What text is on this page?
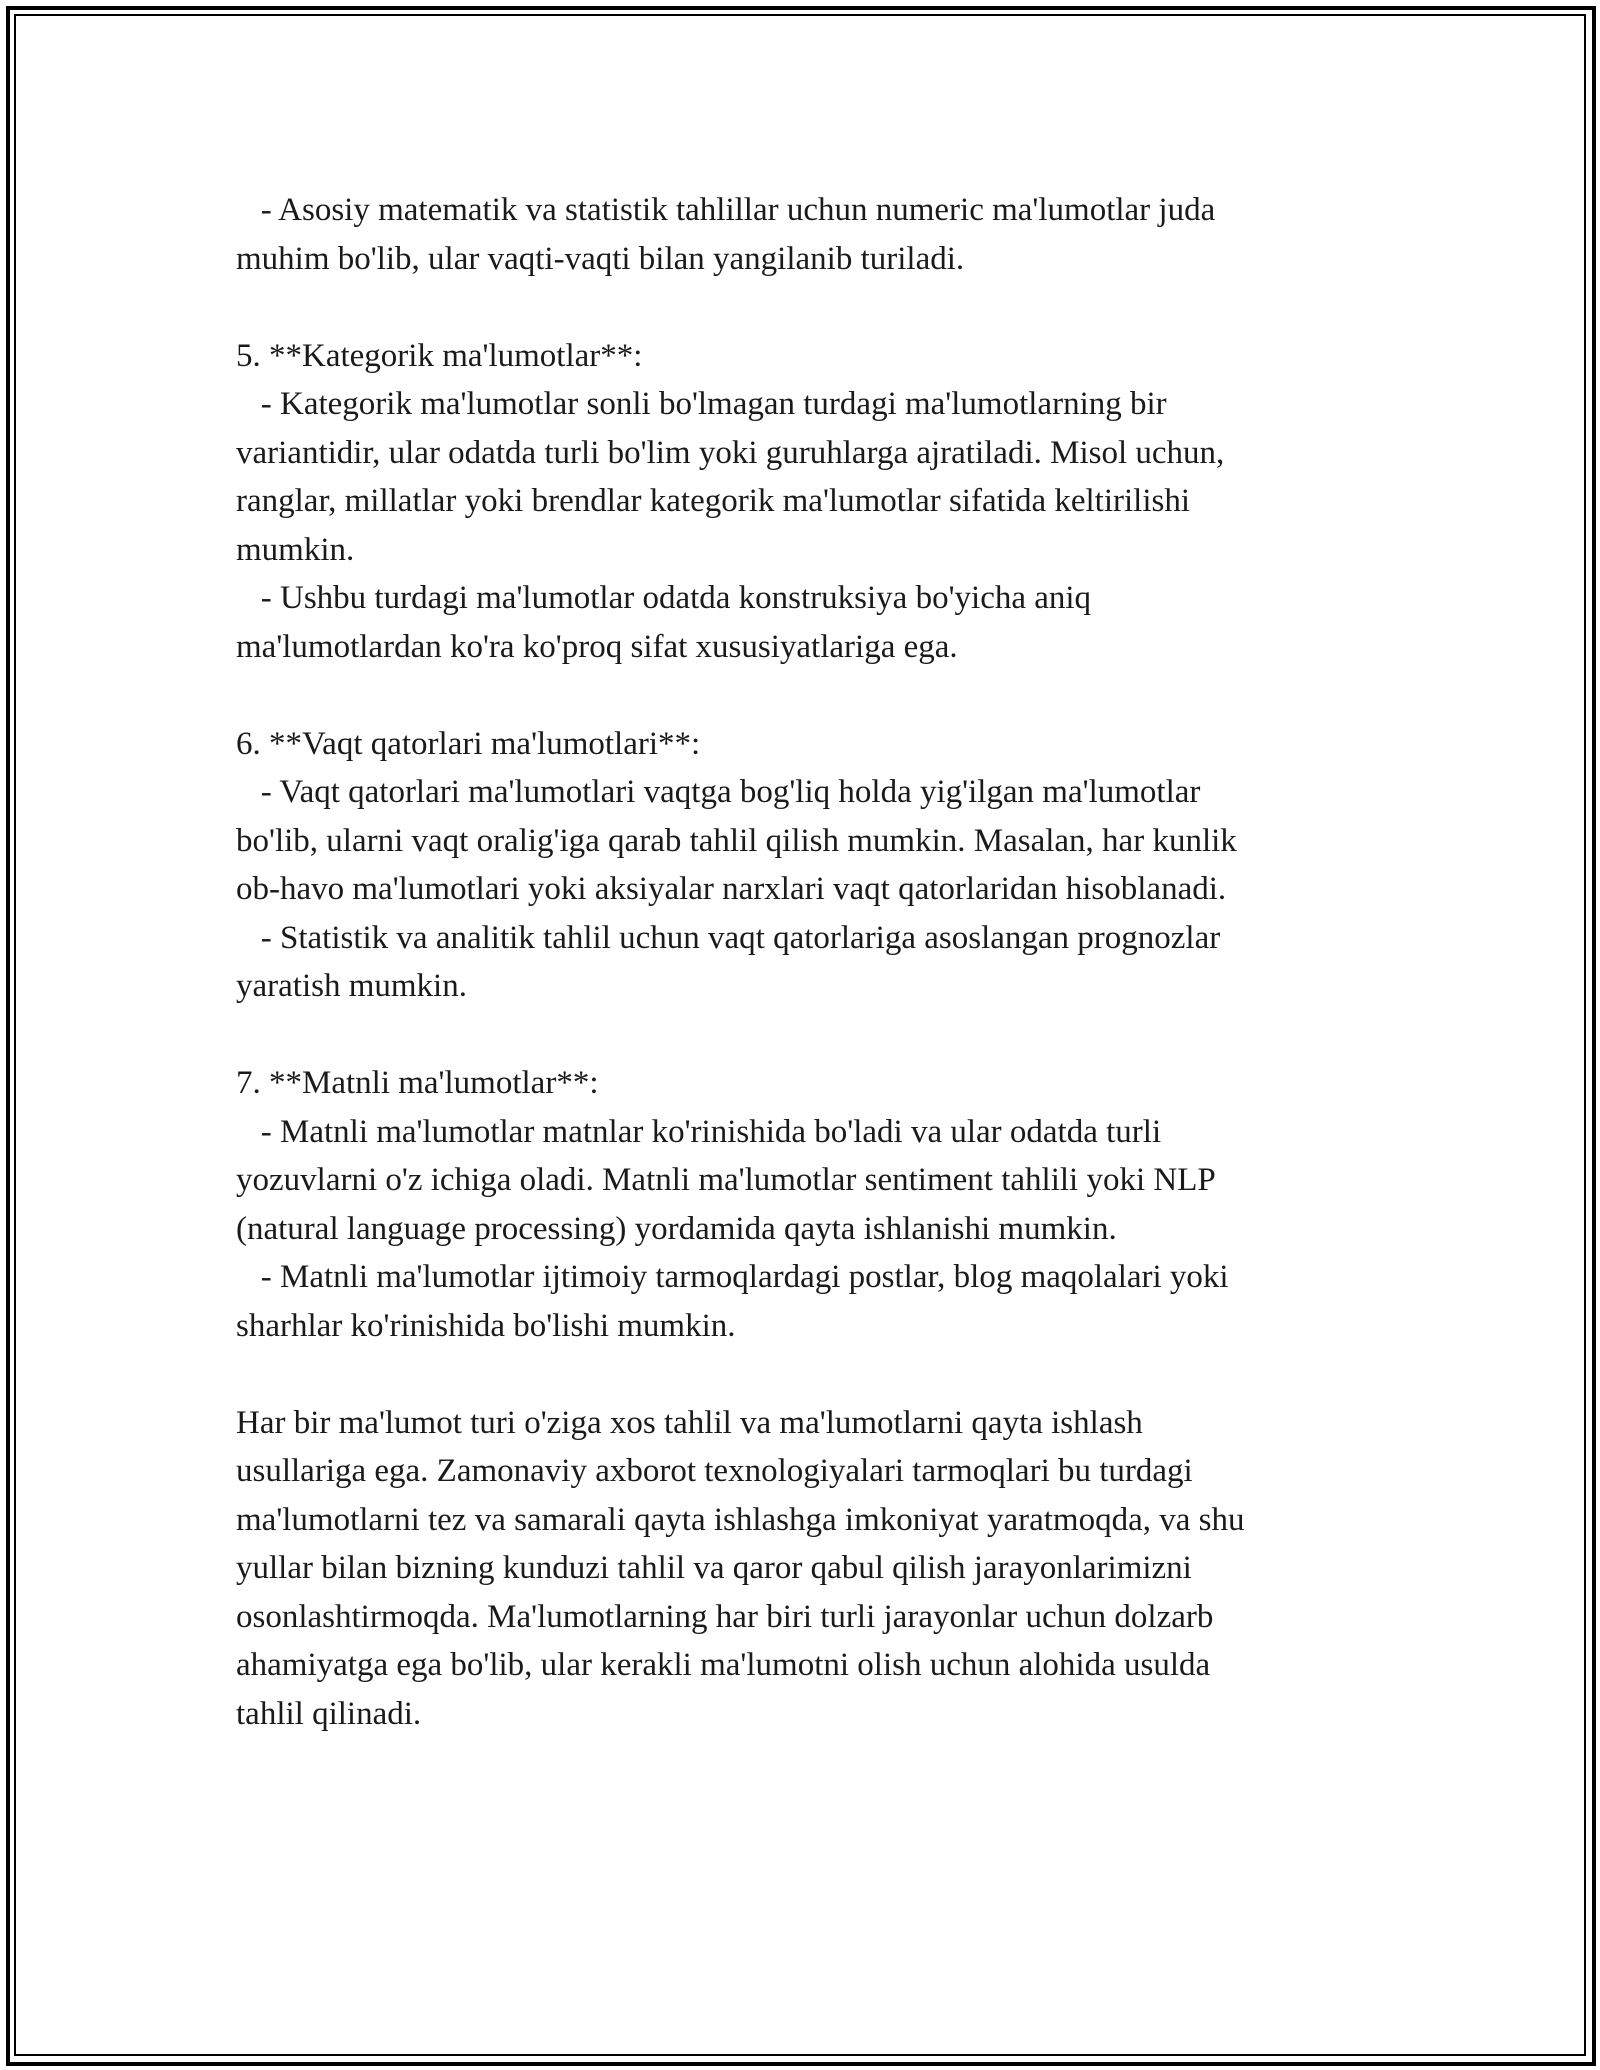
- Asosiy matematik va statistik tahlillar uchun numeric ma'lumotlar juda
muhim bo'lib, ular vaqti-vaqti bilan yangilanib turiladi.
5. **Kategorik ma'lumotlar**:
- Kategorik ma'lumotlar sonli bo'lmagan turdagi ma'lumotlarning bir
variantidir, ular odatda turli bo'lim yoki guruhlarga ajratiladi. Misol uchun,
ranglar, millatlar yoki brendlar kategorik ma'lumotlar sifatida keltirilishi
mumkin.
- Ushbu turdagi ma'lumotlar odatda konstruksiya bo'yicha aniq
ma'lumotlardan ko'ra ko'proq sifat xususiyatlariga ega.
6. **Vaqt qatorlari ma'lumotlari**:
- Vaqt qatorlari ma'lumotlari vaqtga bog'liq holda yig'ilgan ma'lumotlar
bo'lib, ularni vaqt oralig'iga qarab tahlil qilish mumkin. Masalan, har kunlik
ob-havo ma'lumotlari yoki aksiyalar narxlari vaqt qatorlaridan hisoblanadi.
- Statistik va analitik tahlil uchun vaqt qatorlariga asoslangan prognozlar
yaratish mumkin.
7. **Matnli ma'lumotlar**:
- Matnli ma'lumotlar matnlar ko'rinishida bo'ladi va ular odatda turli
yozuvlarni o'z ichiga oladi. Matnli ma'lumotlar sentiment tahlili yoki NLP
(natural language processing) yordamida qayta ishlanishi mumkin.
- Matnli ma'lumotlar ijtimoiy tarmoqlardagi postlar, blog maqolalari yoki
sharhlar ko'rinishida bo'lishi mumkin.
Har bir ma'lumot turi o'ziga xos tahlil va ma'lumotlarni qayta ishlash
usullariga ega. Zamonaviy axborot texnologiyalari tarmoqlari bu turdagi
ma'lumotlarni tez va samarali qayta ishlashga imkoniyat yaratmoqda, va shu
yullar bilan bizning kunduzi tahlil va qaror qabul qilish jarayonlarimizni
osonlashtirmoqda. Ma'lumotlarning har biri turli jarayonlar uchun dolzarb
ahamiyatga ega bo'lib, ular kerakli ma'lumotni olish uchun alohida usulda
tahlil qilinadi.
